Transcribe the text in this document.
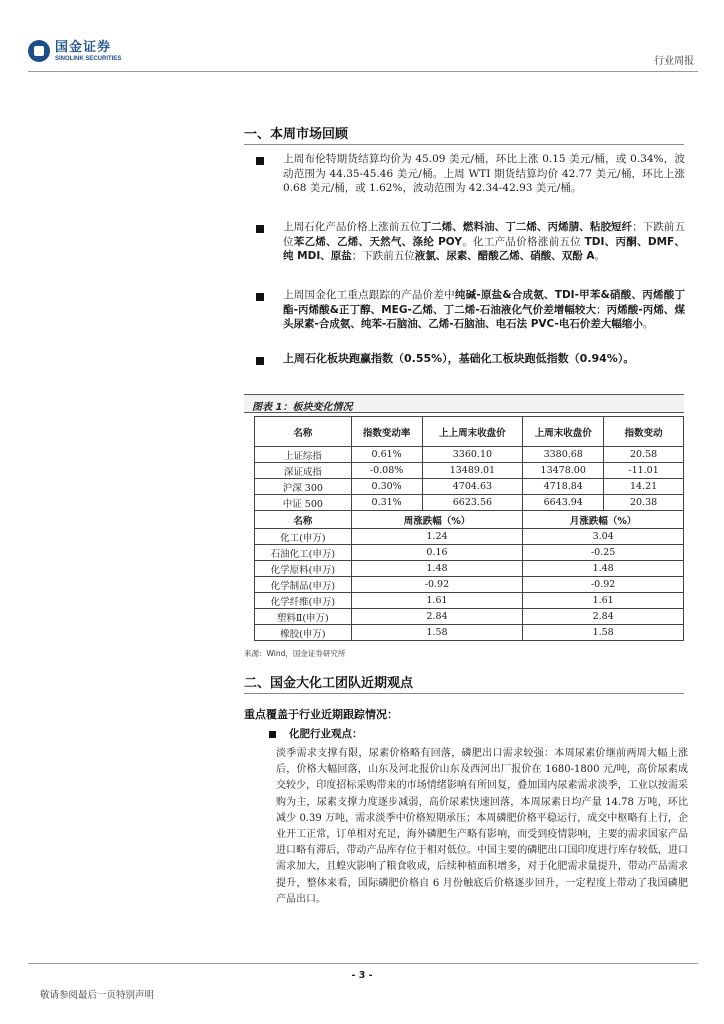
国金证券
SINOLINK SECURITIES	行业周报
一、本周市场回顾
上周布伦特期货结算均价为 45.09 美元/桶，环比上涨 0.15 美元/桶，或 0.34%，波动范围为 44.35-45.46 美元/桶。上周 WTI 期货结算均价 42.77 美元/桶，环比上涨 0.68 美元/桶，或 1.62%，波动范围为 42.34-42.93 美元/桶。
上周石化产品价格上涨前五位丁二烯、燃料油、丁二烯、丙烯腈、粘胶短纤；下跌前五位苯乙烯、乙烯、天然气、涤纶 POY。化工产品价格涨前五位 TDI、丙酮、DMF、纯 MDI、原盐；下跌前五位液氯、尿素、醋酸乙烯、硝酸、双酚 A。
上周国金化工重点跟踪的产品价差中纯碱-原盐&合成氨、TDI-甲苯&硝酸、丙烯酸丁酯-丙烯酸&正丁醇、MEG-乙烯、丁二烯-石油液化气价差增幅较大；丙烯酸-丙烯、煤头尿素-合成氨、纯苯-石脑油、乙烯-石脑油、电石法 PVC-电石价差大幅缩小。
上周石化板块跑赢指数（0.55%），基础化工板块跑低指数（0.94%）。
图表 1：板块变化情况
名称	指数变动率	上上周末收盘价	上周末收盘价	指数变动
上证综指	0.61%	3360.10	3380.68	20.58
深证成指	-0.08%	13489.01	13478.00	-11.01
沪深 300	0.30%	4704.63	4718.84	14.21
中证 500	0.31%	6623.56	6643.94	20.38
名称	周涨跌幅（%）		月涨跌幅（%）	
化工(申万)	1.24		3.04	
石油化工(申万)	0.16		-0.25	
化学原料(申万)	1.48		1.48	
化学制品(申万)	-0.92		-0.92	
化学纤维(申万)	1.61		1.61	
塑料Ⅱ(申万)	2.84		2.84	
橡胶(申万)	1.58		1.58	
来源：Wind，国金证券研究所
二、国金大化工团队近期观点
重点覆盖于行业近期跟踪情况：
化肥行业观点：
淡季需求支撑有限，尿素价格略有回落，磷肥出口需求较强：本周尿素价继前两周大幅上涨后，价格大幅回落，山东及河北报价山东及西河出厂报价在 1680-1800 元/吨，高价尿素成交较少，印度招标采购带来的市场情绪影响有所回复，叠加国内尿素需求淡季，工业以按需采购为主，尿素支撑力度逐步减弱，高价尿素快速回落，本周尿素日均产量 14.78 万吨，环比减少 0.39 万吨，需求淡季中价格短期承压；本周磷肥价格平稳运行，成交中枢略有上行，企业开工正常，订单相对充足，海外磷肥生产略有影响，而受到疫情影响，主要的需求国家产品进口略有滞后，带动产品库存位于相对低位。中国主要的磷肥出口国印度进行库存较低，进口需求加大，且蝗灾影响了粮食收成，后续种植面积增多，对于化肥需求量提升，带动产品需求提升，整体来看，国际磷肥价格自 6 月份触底后价格逐步回升，一定程度上带动了我国磷肥产品出口。
- 3 -
敬请参阅最后一页特别声明
